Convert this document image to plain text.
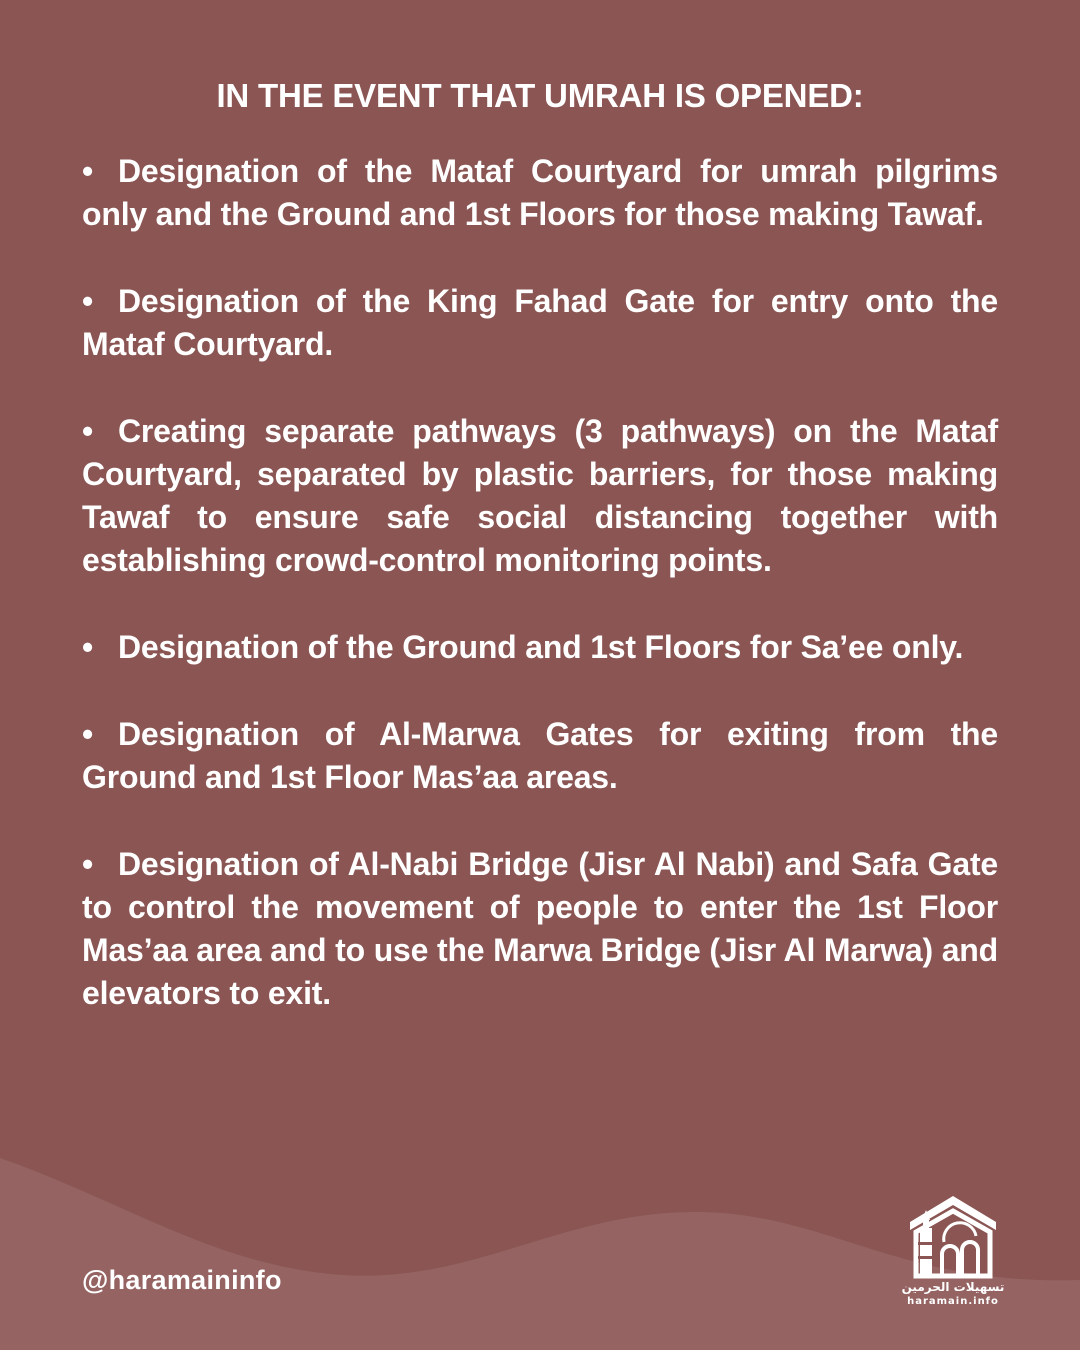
IN THE EVENT THAT UMRAH IS OPENED:
• Designation of the Mataf Courtyard for umrah pilgrims only and the Ground and 1st Floors for those making Tawaf.
• Designation of the King Fahad Gate for entry onto the Mataf Courtyard.
• Creating separate pathways (3 pathways) on the Mataf Courtyard, separated by plastic barriers, for those making Tawaf to ensure safe social distancing together with establishing crowd-control monitoring points.
• Designation of the Ground and 1st Floors for Sa’ee only.
• Designation of Al-Marwa Gates for exiting from the Ground and 1st Floor Mas’aa areas.
• Designation of Al-Nabi Bridge (Jisr Al Nabi) and Safa Gate to control the movement of people to enter the 1st Floor Mas’aa area and to use the Marwa Bridge (Jisr Al Marwa) and elevators to exit.
@haramaininfo	تسهيلات الحرمين
haramain.info
